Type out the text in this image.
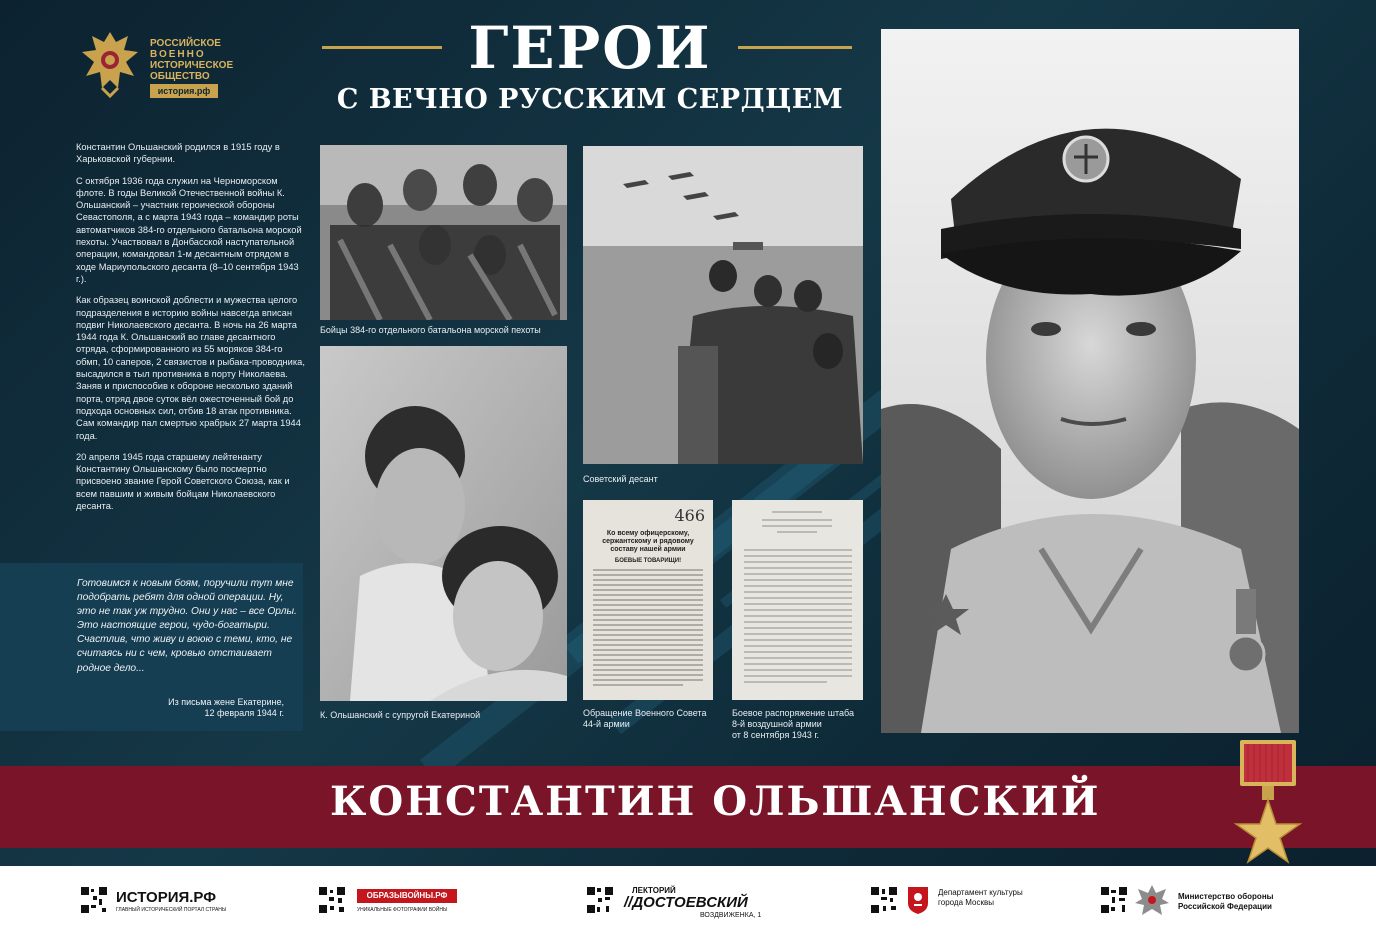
РОССИЙСКОЕ
ВОЕННО
ИСТОРИЧЕСКОЕ
ОБЩЕСТВО
история.рф
ГЕРОИ
С ВЕЧНО РУССКИМ СЕРДЦЕМ

Константин Ольшанский родился в 1915 году в Харьковской губернии.

С октября 1936 года служил на Черноморском флоте. В годы Великой Отечественной войны К. Ольшанский – участник героической обороны Севастополя, а с марта 1943 года – командир роты автоматчиков 384-го отдельного батальона морской пехоты. Участвовал в Донбасской наступательной операции, командовал 1-м десантным отрядом в ходе Мариупольского десанта (8–10 сентября 1943 г.).

Как образец воинской доблести и мужества целого подразделения в историю войны навсегда вписан подвиг Николаевского десанта. В ночь на 26 марта 1944 года К. Ольшанский во главе десантного отряда, сформированного из 55 моряков 384-го обмп, 10 саперов, 2 связистов и рыбака-проводника, высадился в тыл противника в порту Николаева. Заняв и приспособив к обороне несколько зданий порта, отряд двое суток вёл ожесточенный бой до подхода основных сил, отбив 18 атак противника. Сам командир пал смертью храбрых 27 марта 1944 года.

20 апреля 1945 года старшему лейтенанту Константину Ольшанскому было посмертно присвоено звание Герой Советского Союза, как и всем павшим и живым бойцам Николаевского десанта.

Готовимся к новым боям, поручили тут мне подобрать ребят для одной операции. Ну, это не так уж трудно. Они у нас – все Орлы. Это настоящие герои, чудо-богатыри. Счастлив, что живу и воюю с теми, кто, не считаясь ни с чем, кровью отстаивает родное дело...
Из письма жене Екатерине,
12 февраля 1944 г.
Бойцы 384-го отдельного батальона морской пехоты
К. Ольшанский с супругой Екатериной
Советский десант
466
Ко всему офицерскому, сержантскому и рядовому составу нашей армии
БОЕВЫЕ ТОВАРИЩИ!
Обращение Военного Совета
44-й армии
Боевое распоряжение штаба
8-й воздушной армии
от 8 сентября 1943 г.
КОНСТАНТИН ОЛЬШАНСКИЙ
ИСТОРИЯ.РФ
ГЛАВНЫЙ ИСТОРИЧЕСКИЙ ПОРТАЛ СТРАНЫ
ОБРАЗЫВОЙНЫ.РФ
УНИКАЛЬНЫЕ ФОТОГРАФИИ ВОЙНЫ
ЛЕКТОРИЙ
//ДОСТОЕВСКИЙ
ВОЗДВИЖЕНКА, 1
Департамент культуры
города Москвы
Министерство обороны
Российской Федерации
